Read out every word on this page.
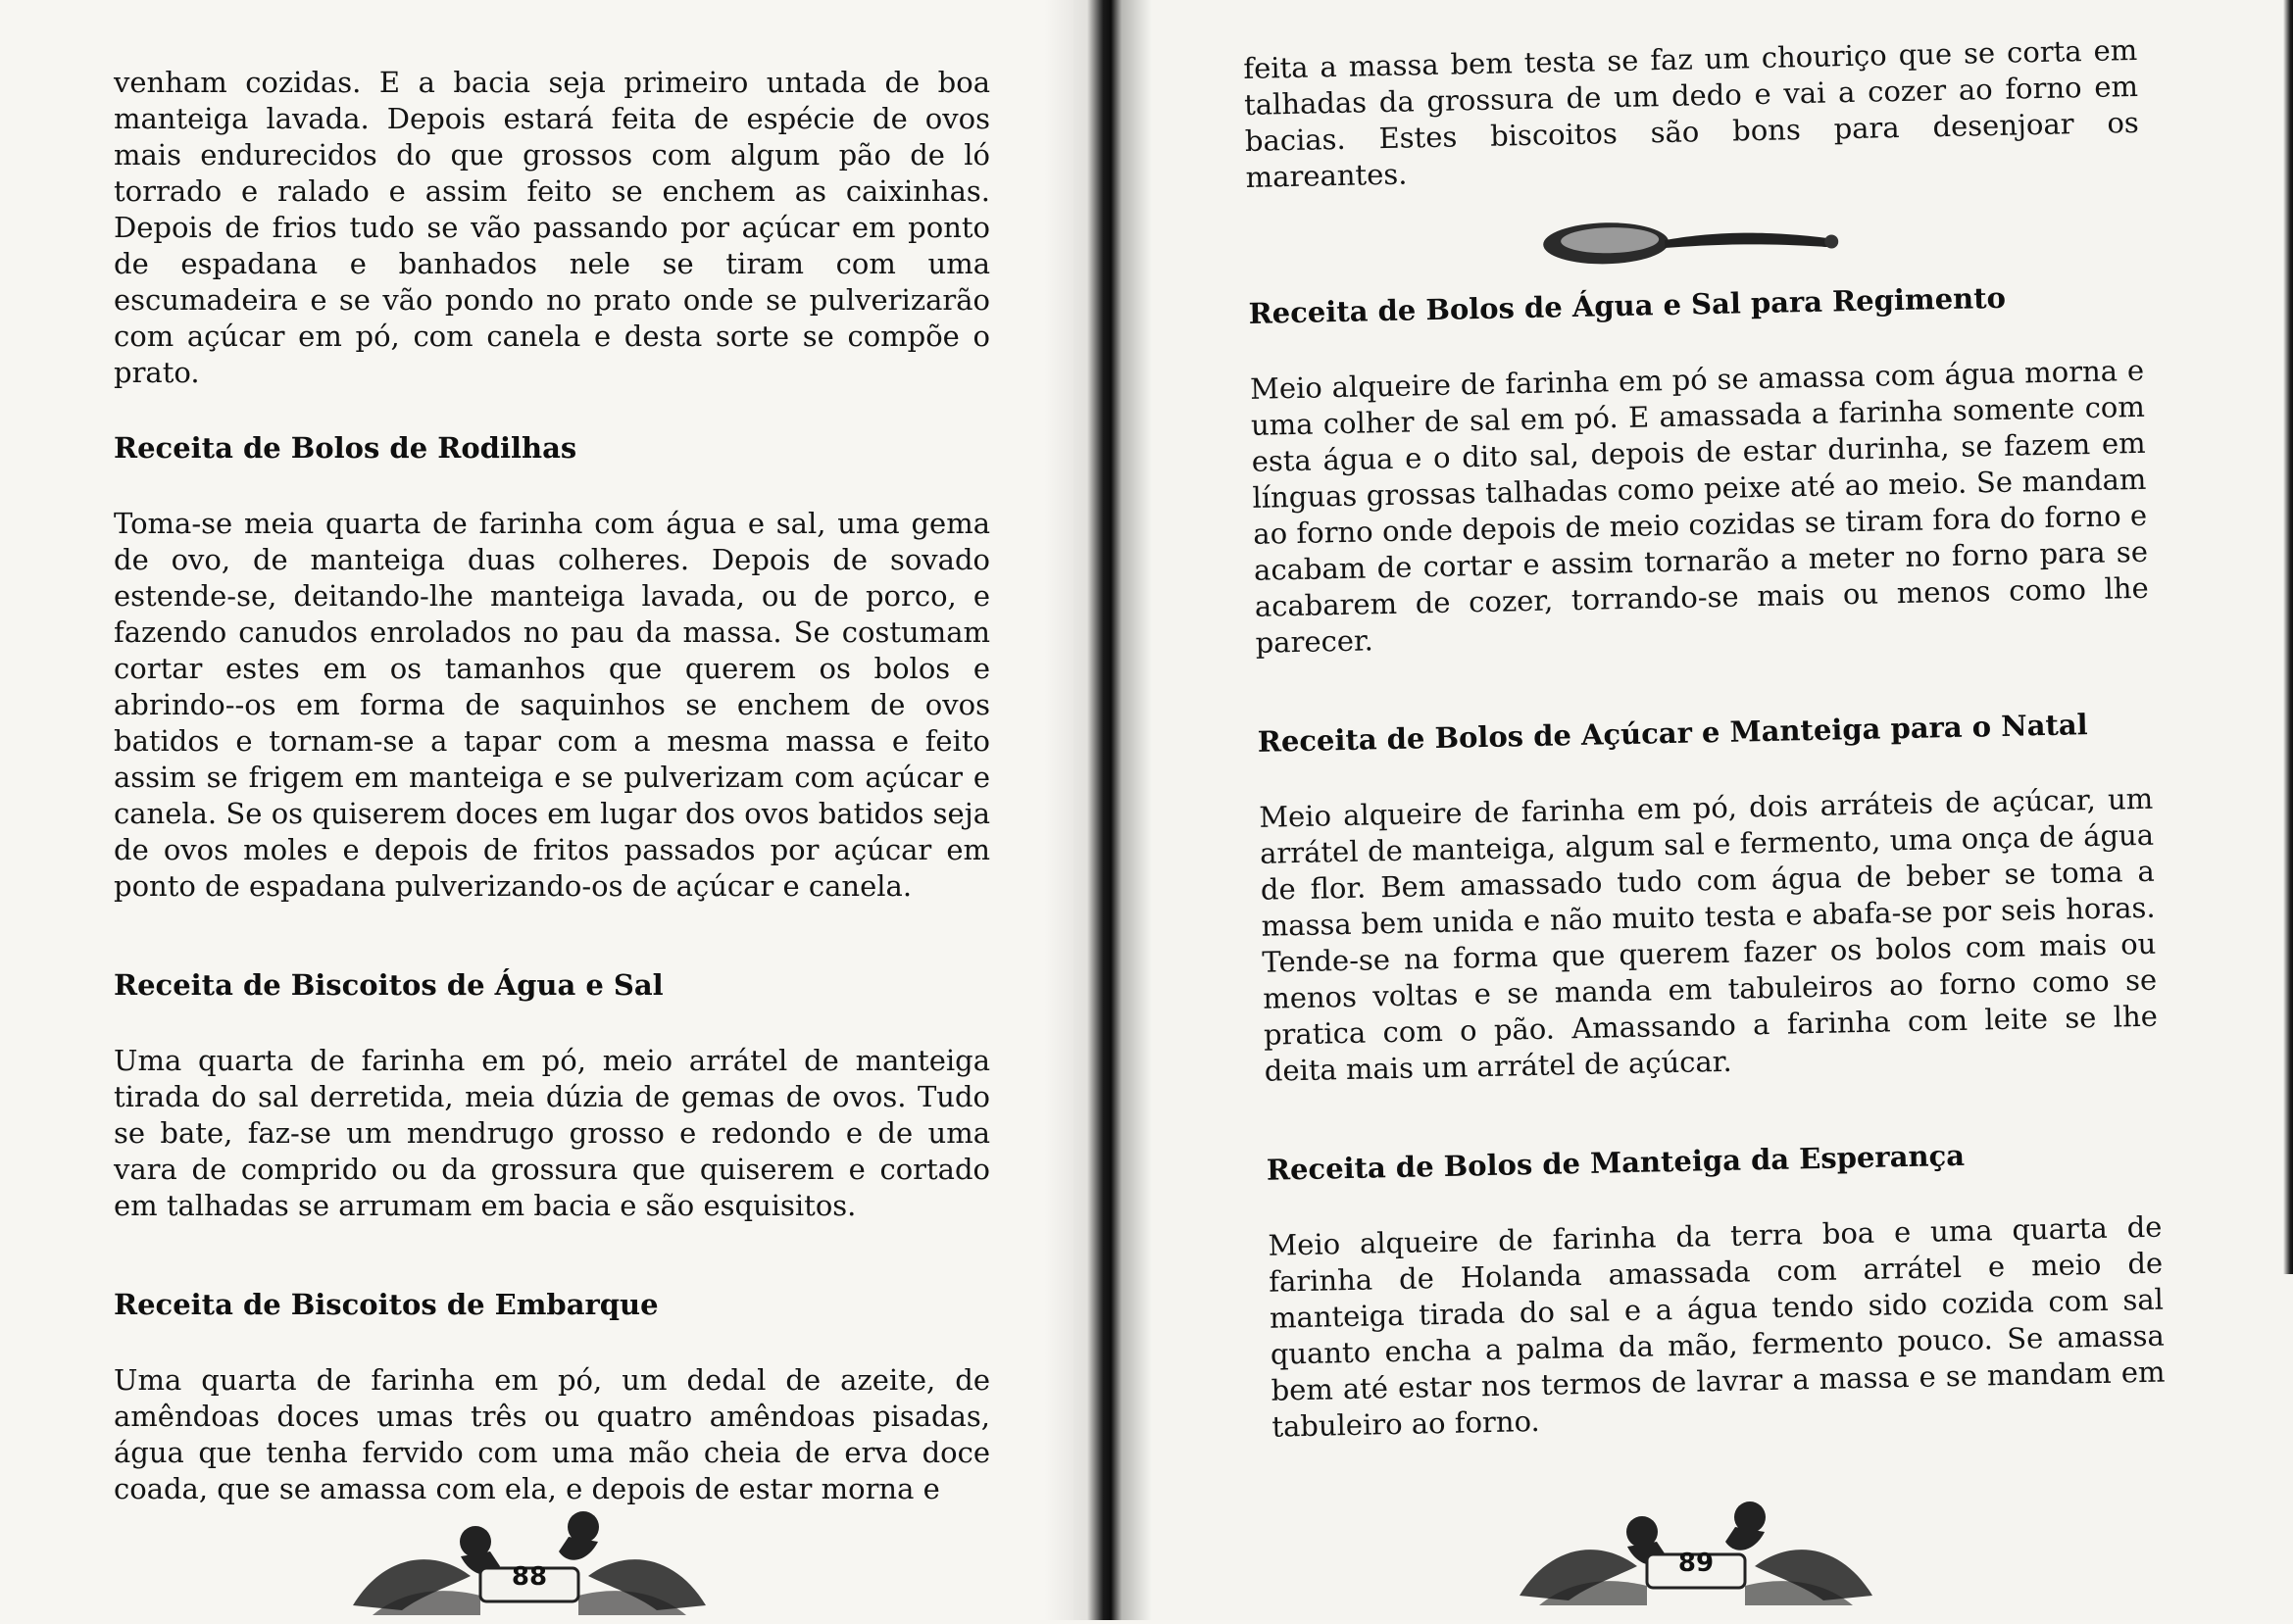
venham cozidas. E a bacia seja primeiro untada de boa manteiga lavada. Depois estará feita de espécie de ovos mais endurecidos do que grossos com algum pão de ló torrado e ralado e assim feito se enchem as caixinhas. Depois de frios tudo se vão passando por açúcar em ponto de espadana e banhados nele se tiram com uma escumadeira e se vão pondo no prato onde se pulverizarão com açúcar em pó, com canela e desta sorte se compõe o prato.

Receita de Bolos de Rodilhas

Toma-se meia quarta de farinha com água e sal, uma gema de ovo, de manteiga duas colheres. Depois de sovado estende-se, deitando-lhe manteiga lavada, ou de porco, e fazendo canudos enrolados no pau da massa. Se costumam cortar estes em os tamanhos que querem os bolos e abrindo--os em forma de saquinhos se enchem de ovos batidos e tornam-se a tapar com a mesma massa e feito assim se frigem em manteiga e se pulverizam com açúcar e canela. Se os quiserem doces em lugar dos ovos batidos seja de ovos moles e depois de fritos passados por açúcar em ponto de espadana pulverizando-os de açúcar e canela.

Receita de Biscoitos de Água e Sal

Uma quarta de farinha em pó, meio arrátel de manteiga tirada do sal derretida, meia dúzia de gemas de ovos. Tudo se bate, faz-se um mendrugo grosso e redondo e de uma vara de comprido ou da grossura que quiserem e cortado em talhadas se arrumam em bacia e são esquisitos.

Receita de Biscoitos de Embarque

Uma quarta de farinha em pó, um dedal de azeite, de amêndoas doces umas três ou quatro amêndoas pisadas, água que tenha fervido com uma mão cheia de erva doce coada, que se amassa com ela, e depois de estar morna e

88

feita a massa bem testa se faz um chouriço que se corta em talhadas da grossura de um dedo e vai a cozer ao forno em bacias. Estes biscoitos são bons para desenjoar os mareantes.

Receita de Bolos de Água e Sal para Regimento

Meio alqueire de farinha em pó se amassa com água morna e uma colher de sal em pó. E amassada a farinha somente com esta água e o dito sal, depois de estar durinha, se fazem em línguas grossas talhadas como peixe até ao meio. Se mandam ao forno onde depois de meio cozidas se tiram fora do forno e acabam de cortar e assim tornarão a meter no forno para se acabarem de cozer, torrando-se mais ou menos como lhe parecer.

Receita de Bolos de Açúcar e Manteiga para o Natal

Meio alqueire de farinha em pó, dois arráteis de açúcar, um arrátel de manteiga, algum sal e fermento, uma onça de água de flor. Bem amassado tudo com água de beber se toma a massa bem unida e não muito testa e abafa-se por seis horas. Tende-se na forma que querem fazer os bolos com mais ou menos voltas e se manda em tabuleiros ao forno como se pratica com o pão. Amassando a farinha com leite se lhe deita mais um arrátel de açúcar.

Receita de Bolos de Manteiga da Esperança

Meio alqueire de farinha da terra boa e uma quarta de farinha de Holanda amassada com arrátel e meio de manteiga tirada do sal e a água tendo sido cozida com sal quanto encha a palma da mão, fermento pouco. Se amassa bem até estar nos termos de lavrar a massa e se mandam em tabuleiro ao forno.

89
